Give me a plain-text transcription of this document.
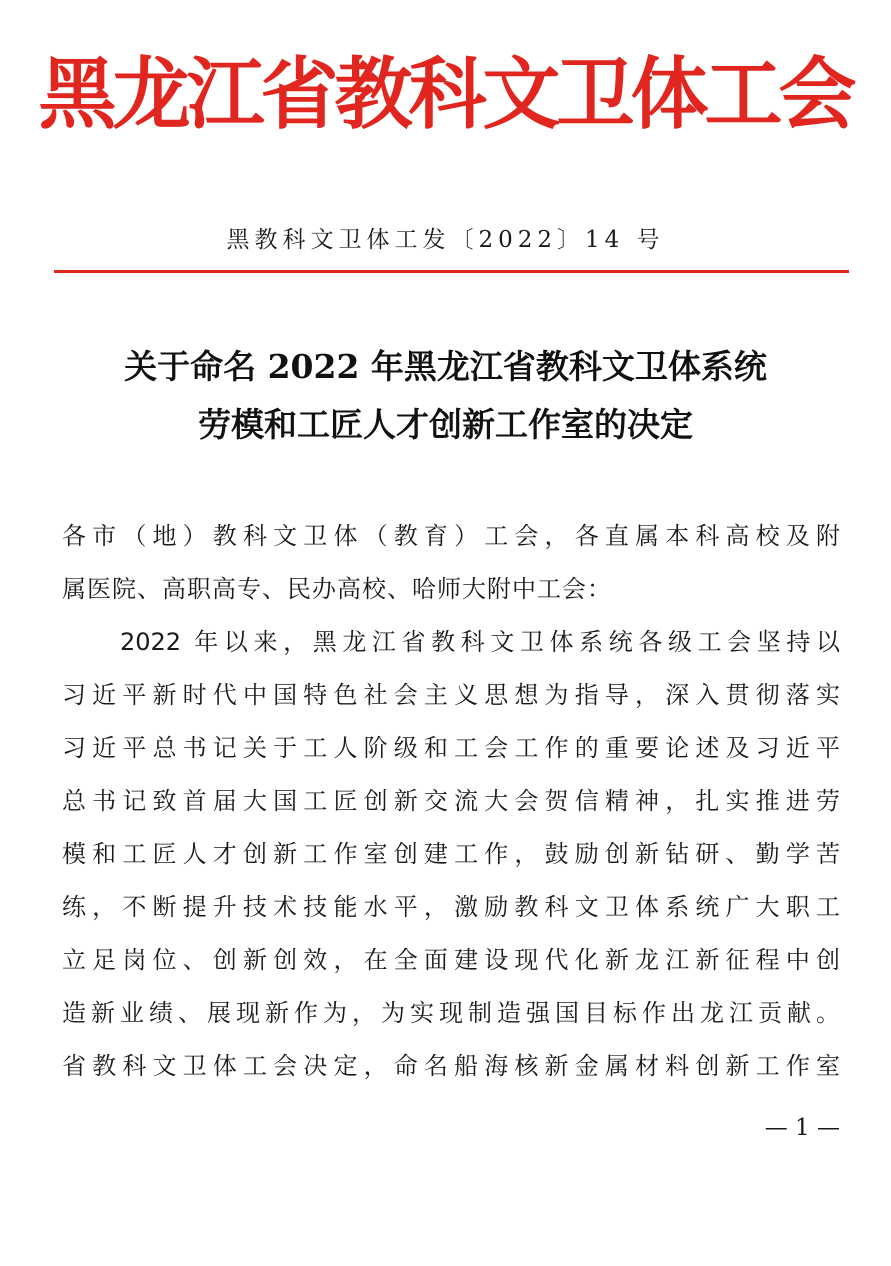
黑龙江省教科文卫体工会
黑教科文卫体工发〔2022〕14 号
关于命名 2022 年黑龙江省教科文卫体系统
劳模和工匠人才创新工作室的决定
各市（地）教科文卫体（教育）工会，各直属本科高校及附
属医院、高职高专、民办高校、哈师大附中工会：
2022 年以来，黑龙江省教科文卫体系统各级工会坚持以
习近平新时代中国特色社会主义思想为指导，深入贯彻落实
习近平总书记关于工人阶级和工会工作的重要论述及习近平
总书记致首届大国工匠创新交流大会贺信精神，扎实推进劳
模和工匠人才创新工作室创建工作，鼓励创新钻研、勤学苦
练，不断提升技术技能水平，激励教科文卫体系统广大职工
立足岗位、创新创效，在全面建设现代化新龙江新征程中创
造新业绩、展现新作为，为实现制造强国目标作出龙江贡献。
省教科文卫体工会决定，命名船海核新金属材料创新工作室
— 1 —
